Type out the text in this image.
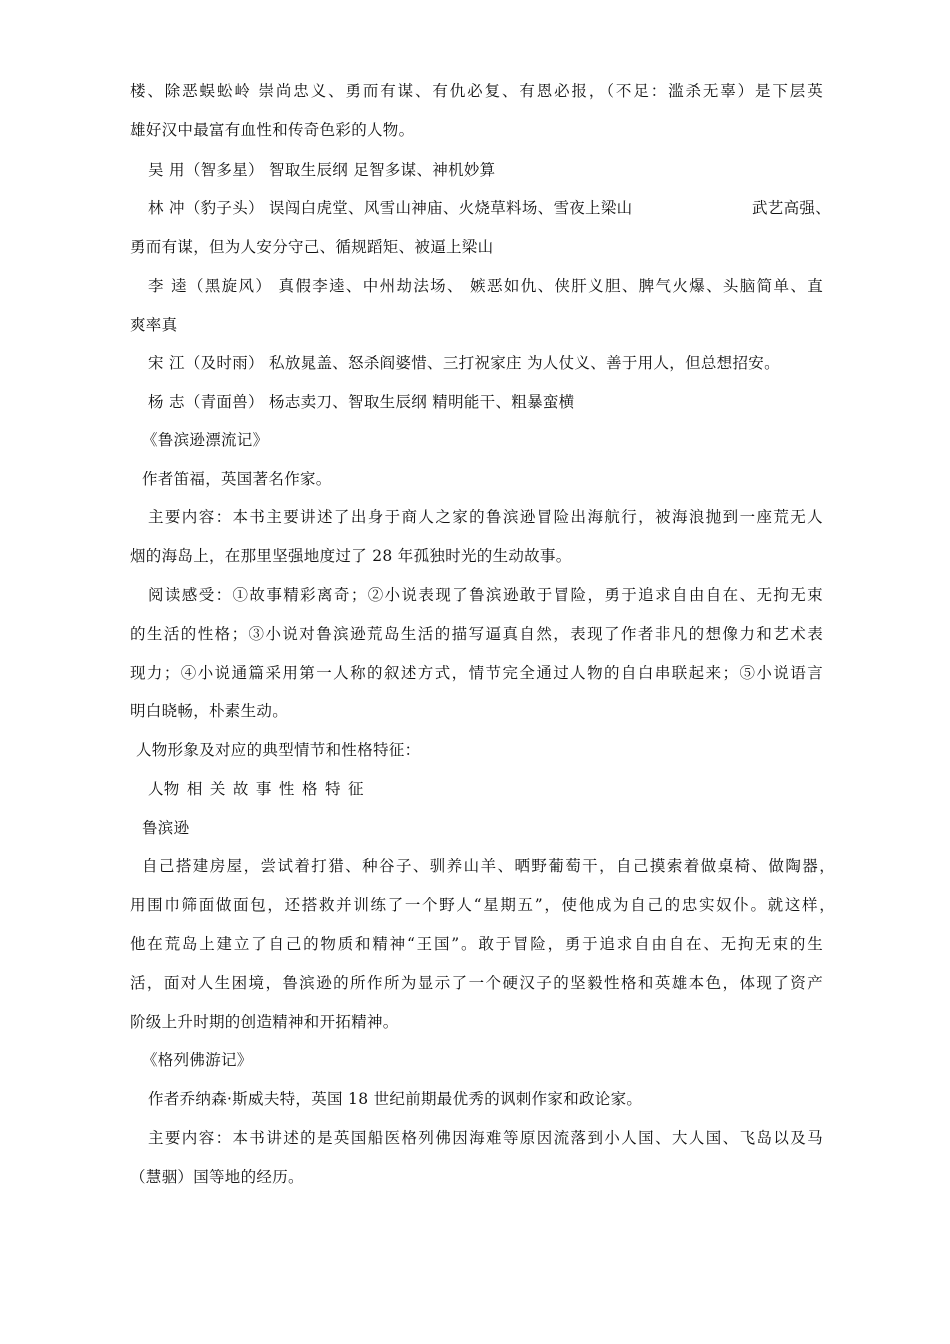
楼、除恶蜈蚣岭 崇尚忠义、勇而有谋、有仇必复、有恩必报，（不足：滥杀无辜）是下层英
雄好汉中最富有血性和传奇色彩的人物。
吴 用（智多星） 智取生辰纲 足智多谋、神机妙算
林 冲（豹子头） 误闯白虎堂、风雪山神庙、火烧草料场、雪夜上梁山	武艺高强、
勇而有谋，但为人安分守己、循规蹈矩、被逼上梁山
李 逵（黑旋风） 真假李逵、中州劫法场、 嫉恶如仇、侠肝义胆、脾气火爆、头脑简单、直
爽率真
宋 江（及时雨） 私放晁盖、怒杀阎婆惜、三打祝家庄 为人仗义、善于用人，但总想招安。
杨 志（青面兽） 杨志卖刀、智取生辰纲 精明能干、粗暴蛮横
《鲁滨逊漂流记》
作者笛福，英国著名作家。
主要内容：本书主要讲述了出身于商人之家的鲁滨逊冒险出海航行，被海浪抛到一座荒无人
烟的海岛上，在那里坚强地度过了 28 年孤独时光的生动故事。
阅读感受：①故事精彩离奇；②小说表现了鲁滨逊敢于冒险，勇于追求自由自在、无拘无束
的生活的性格；③小说对鲁滨逊荒岛生活的描写逼真自然，表现了作者非凡的想像力和艺术表
现力；④小说通篇采用第一人称的叙述方式，情节完全通过人物的自白串联起来；⑤小说语言
明白晓畅，朴素生动。
人物形象及对应的典型情节和性格特征：
人物 相 关 故 事 性 格 特 征
鲁滨逊
自己搭建房屋，尝试着打猎、种谷子、驯养山羊、晒野葡萄干，自己摸索着做桌椅、做陶器，
用围巾筛面做面包，还搭救并训练了一个野人“星期五”，使他成为自己的忠实奴仆。就这样，
他在荒岛上建立了自己的物质和精神“王国”。敢于冒险，勇于追求自由自在、无拘无束的生
活，面对人生困境，鲁滨逊的所作所为显示了一个硬汉子的坚毅性格和英雄本色，体现了资产
阶级上升时期的创造精神和开拓精神。
《格列佛游记》
作者乔纳森·斯威夫特，英国 18 世纪前期最优秀的讽刺作家和政论家。
主要内容：本书讲述的是英国船医格列佛因海难等原因流落到小人国、大人国、飞岛以及马
（慧骃）国等地的经历。
